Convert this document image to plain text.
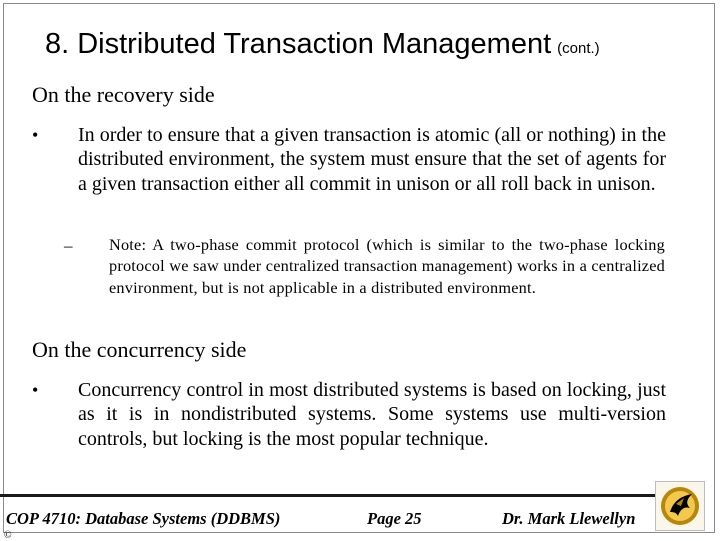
8. Distributed Transaction Management (cont.)
On the recovery side
• In order to ensure that a given transaction is atomic (all or nothing) in the distributed environment, the system must ensure that the set of agents for a given transaction either all commit in unison or all roll back in unison.
– Note: A two-phase commit protocol (which is similar to the two-phase locking protocol we saw under centralized transaction management) works in a centralized environment, but is not applicable in a distributed environment.
On the concurrency side
• Concurrency control in most distributed systems is based on locking, just as it is in nondistributed systems. Some systems use multi-version controls, but locking is the most popular technique.
COP 4710: Database Systems (DDBMS)	Page 25	Dr. Mark Llewellyn
©
